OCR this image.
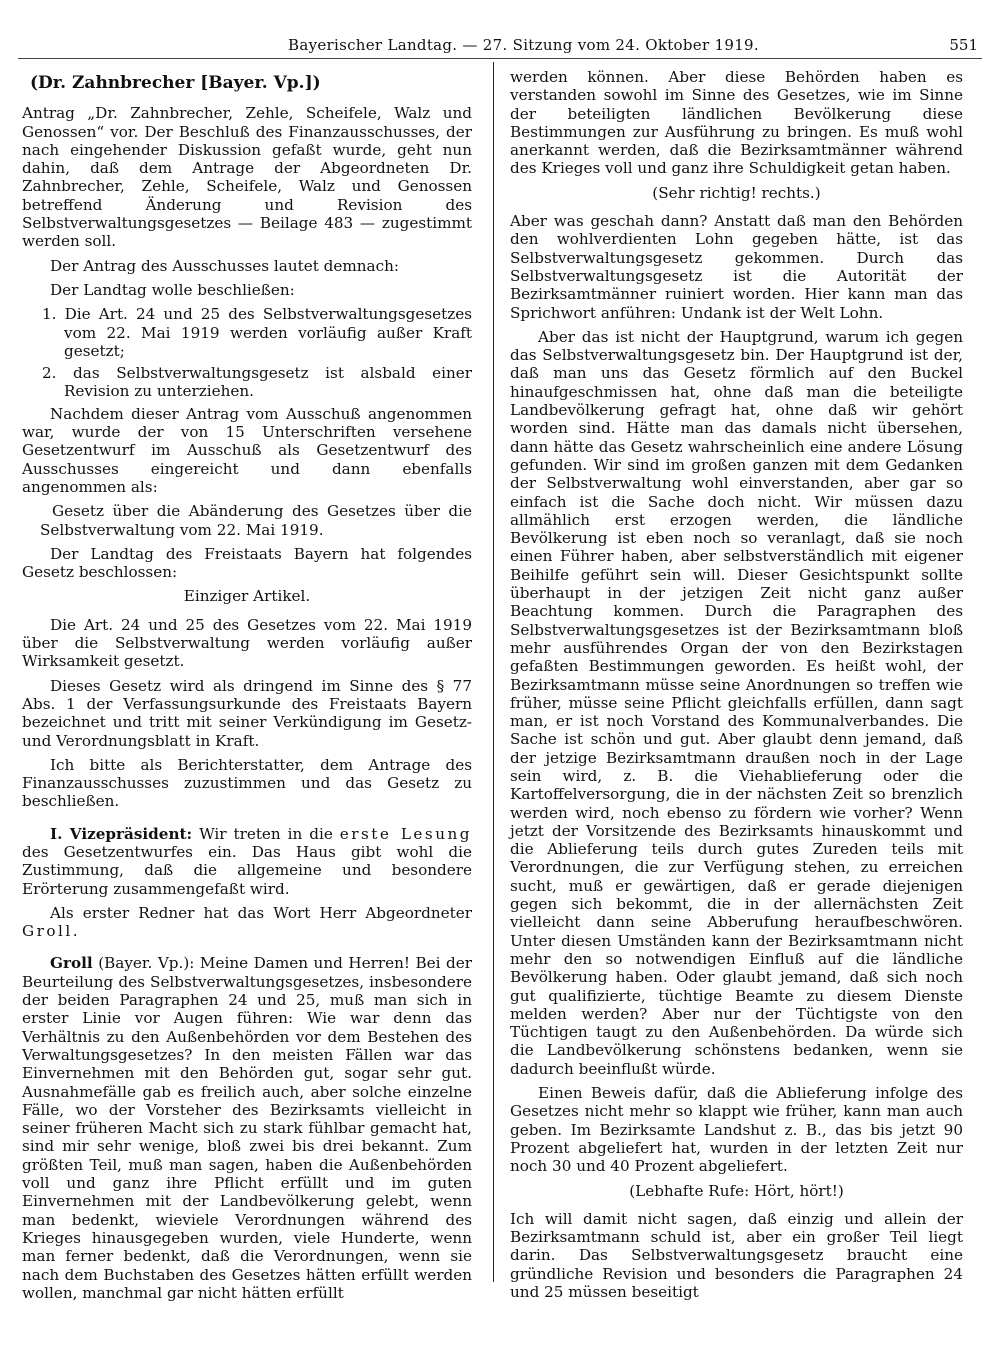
Bayerischer Landtag. — 27. Sitzung vom 24. Oktober 1919.	551

(Dr. Zahnbrecher [Bayer. Vp.])

Antrag „Dr. Zahnbrecher, Zehle, Scheifele, Walz und Genossen“ vor. Der Beschluß des Finanzausschusses, der nach eingehender Diskussion gefaßt wurde, geht nun dahin, daß dem Antrage der Abgeordneten Dr. Zahnbrecher, Zehle, Scheifele, Walz und Genossen betreffend Änderung und Revision des Selbstverwaltungsgesetzes — Beilage 483 — zugestimmt werden soll.

Der Antrag des Ausschusses lautet demnach:

Der Landtag wolle beschließen:

1. Die Art. 24 und 25 des Selbstverwaltungsgesetzes vom 22. Mai 1919 werden vorläufig außer Kraft gesetzt;

2. das Selbstverwaltungsgesetz ist alsbald einer Revision zu unterziehen.

Nachdem dieser Antrag vom Ausschuß angenommen war, wurde der von 15 Unterschriften versehene Gesetzentwurf im Ausschuß als Gesetzentwurf des Ausschusses eingereicht und dann ebenfalls angenommen als:

Gesetz über die Abänderung des Gesetzes über die Selbstverwaltung vom 22. Mai 1919.

Der Landtag des Freistaats Bayern hat folgendes Gesetz beschlossen:

Einziger Artikel.

Die Art. 24 und 25 des Gesetzes vom 22. Mai 1919 über die Selbstverwaltung werden vorläufig außer Wirksamkeit gesetzt.

Dieses Gesetz wird als dringend im Sinne des § 77 Abs. 1 der Verfassungsurkunde des Freistaats Bayern bezeichnet und tritt mit seiner Verkündigung im Gesetz- und Verordnungsblatt in Kraft.

Ich bitte als Berichterstatter, dem Antrage des Finanzausschusses zuzustimmen und das Gesetz zu beschließen.

I. Vizepräsident: Wir treten in die erste Lesung des Gesetzentwurfes ein. Das Haus gibt wohl die Zustimmung, daß die allgemeine und besondere Erörterung zusammengefaßt wird.

Als erster Redner hat das Wort Herr Abgeordneter Groll.

Groll (Bayer. Vp.): Meine Damen und Herren! Bei der Beurteilung des Selbstverwaltungsgesetzes, insbesondere der beiden Paragraphen 24 und 25, muß man sich in erster Linie vor Augen führen: Wie war denn das Verhältnis zu den Außenbehörden vor dem Bestehen des Verwaltungsgesetzes? In den meisten Fällen war das Einvernehmen mit den Behörden gut, sogar sehr gut. Ausnahmefälle gab es freilich auch, aber solche einzelne Fälle, wo der Vorsteher des Bezirksamts vielleicht in seiner früheren Macht sich zu stark fühlbar gemacht hat, sind mir sehr wenige, bloß zwei bis drei bekannt. Zum größten Teil, muß man sagen, haben die Außenbehörden voll und ganz ihre Pflicht erfüllt und im guten Einvernehmen mit der Landbevölkerung gelebt, wenn man bedenkt, wieviele Verordnungen während des Krieges hinausgegeben wurden, viele Hunderte, wenn man ferner bedenkt, daß die Verordnungen, wenn sie nach dem Buchstaben des Gesetzes hätten erfüllt werden wollen, manchmal gar nicht hätten erfüllt

werden können. Aber diese Behörden haben es verstanden sowohl im Sinne des Gesetzes, wie im Sinne der beteiligten ländlichen Bevölkerung diese Bestimmungen zur Ausführung zu bringen. Es muß wohl anerkannt werden, daß die Bezirksamtmänner während des Krieges voll und ganz ihre Schuldigkeit getan haben.

(Sehr richtig! rechts.)

Aber was geschah dann? Anstatt daß man den Behörden den wohlverdienten Lohn gegeben hätte, ist das Selbstverwaltungsgesetz gekommen. Durch das Selbstverwaltungsgesetz ist die Autorität der Bezirksamtmänner ruiniert worden. Hier kann man das Sprichwort anführen: Undank ist der Welt Lohn.

Aber das ist nicht der Hauptgrund, warum ich gegen das Selbstverwaltungsgesetz bin. Der Hauptgrund ist der, daß man uns das Gesetz förmlich auf den Buckel hinaufgeschmissen hat, ohne daß man die beteiligte Landbevölkerung gefragt hat, ohne daß wir gehört worden sind. Hätte man das damals nicht übersehen, dann hätte das Gesetz wahrscheinlich eine andere Lösung gefunden. Wir sind im großen ganzen mit dem Gedanken der Selbstverwaltung wohl einverstanden, aber gar so einfach ist die Sache doch nicht. Wir müssen dazu allmählich erst erzogen werden, die ländliche Bevölkerung ist eben noch so veranlagt, daß sie noch einen Führer haben, aber selbstverständlich mit eigener Beihilfe geführt sein will. Dieser Gesichtspunkt sollte überhaupt in der jetzigen Zeit nicht ganz außer Beachtung kommen. Durch die Paragraphen des Selbstverwaltungsgesetzes ist der Bezirksamtmann bloß mehr ausführendes Organ der von den Bezirkstagen gefaßten Bestimmungen geworden. Es heißt wohl, der Bezirksamtmann müsse seine Anordnungen so treffen wie früher, müsse seine Pflicht gleichfalls erfüllen, dann sagt man, er ist noch Vorstand des Kommunalverbandes. Die Sache ist schön und gut. Aber glaubt denn jemand, daß der jetzige Bezirksamtmann draußen noch in der Lage sein wird, z. B. die Viehablieferung oder die Kartoffelversorgung, die in der nächsten Zeit so brenzlich werden wird, noch ebenso zu fördern wie vorher? Wenn jetzt der Vorsitzende des Bezirksamts hinauskommt und die Ablieferung teils durch gutes Zureden teils mit Verordnungen, die zur Verfügung stehen, zu erreichen sucht, muß er gewärtigen, daß er gerade diejenigen gegen sich bekommt, die in der allernächsten Zeit vielleicht dann seine Abberufung heraufbeschwören. Unter diesen Umständen kann der Bezirksamtmann nicht mehr den so notwendigen Einfluß auf die ländliche Bevölkerung haben. Oder glaubt jemand, daß sich noch gut qualifizierte, tüchtige Beamte zu diesem Dienste melden werden? Aber nur der Tüchtigste von den Tüchtigen taugt zu den Außenbehörden. Da würde sich die Landbevölkerung schönstens bedanken, wenn sie dadurch beeinflußt würde.

Einen Beweis dafür, daß die Ablieferung infolge des Gesetzes nicht mehr so klappt wie früher, kann man auch geben. Im Bezirksamte Landshut z. B., das bis jetzt 90 Prozent abgeliefert hat, wurden in der letzten Zeit nur noch 30 und 40 Prozent abgeliefert.

(Lebhafte Rufe: Hört, hört!)

Ich will damit nicht sagen, daß einzig und allein der Bezirksamtmann schuld ist, aber ein großer Teil liegt darin. Das Selbstverwaltungsgesetz braucht eine gründliche Revision und besonders die Paragraphen 24 und 25 müssen beseitigt
